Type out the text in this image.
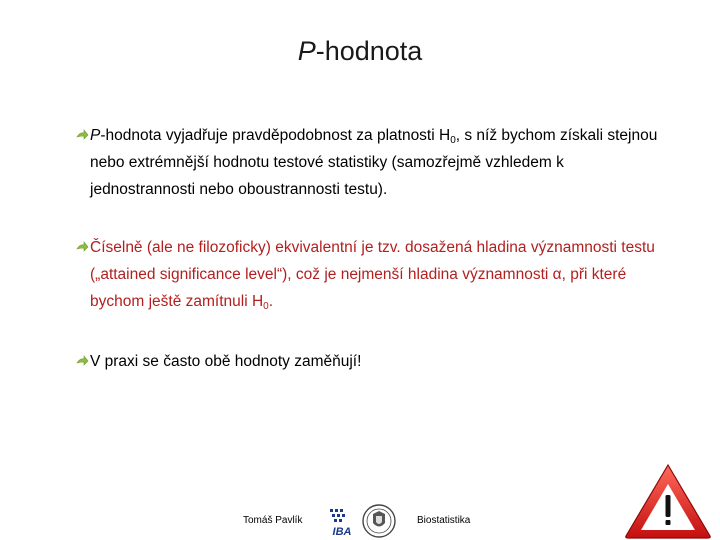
P-hodnota
P-hodnota vyjadřuje pravděpodobnost za platnosti $H_0$, s níž bychom získali stejnou nebo extrémnější hodnotu testové statistiky (samozřejmě vzhledem k jednostrannosti nebo oboustrannosti testu).
Číselně (ale ne filozoficky) ekvivalentní je tzv. dosažená hladina významnosti testu („attained significance level“), což je nejmenší hladina významnosti α, při které bychom ještě zamítnuli $H_0$.
V praxi se často obě hodnoty zaměňují!
Tomáš Pavlík
IBA
Biostatistika
